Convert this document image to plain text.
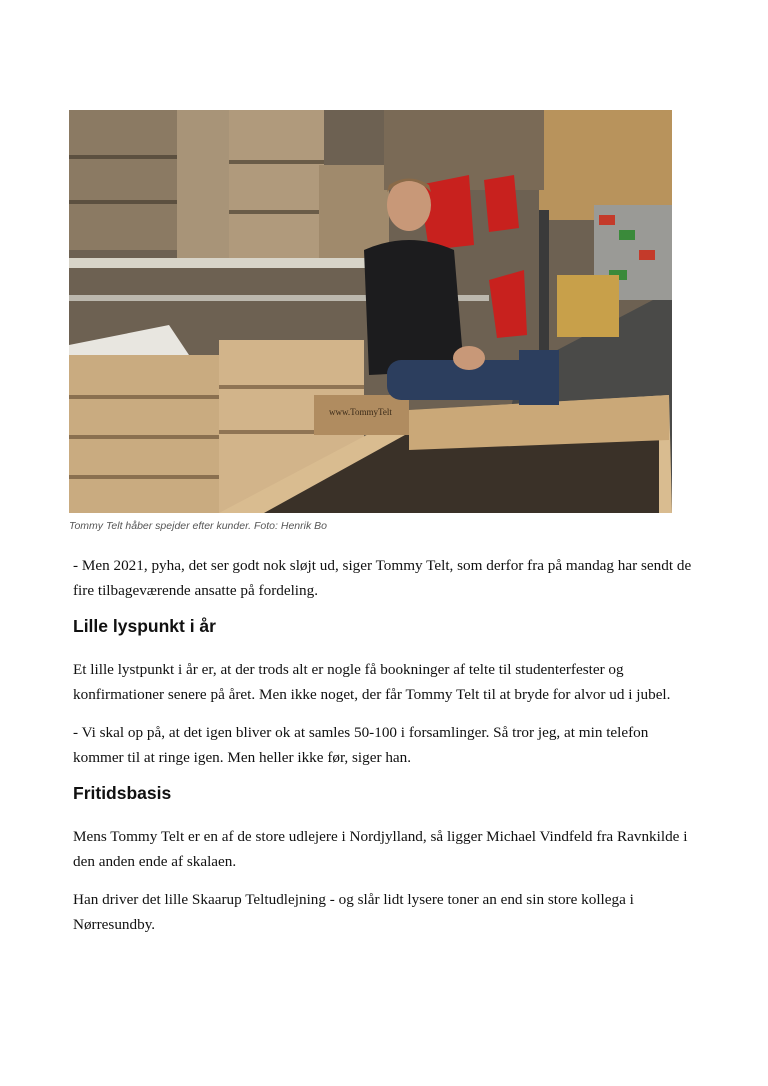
www.TommyTelt
Tommy Telt håber spejder efter kunder. Foto: Henrik Bo

- Men 2021, pyha, det ser godt nok sløjt ud, siger Tommy Telt, som derfor fra på mandag har sendt de fire tilbageværende ansatte på fordeling.

Lille lyspunkt i år

Et lille lystpunkt i år er, at der trods alt er nogle få bookninger af telte til studenterfester og konfirmationer senere på året. Men ikke noget, der får Tommy Telt til at bryde for alvor ud i jubel.

- Vi skal op på, at det igen bliver ok at samles 50-100 i forsamlinger. Så tror jeg, at min telefon kommer til at ringe igen. Men heller ikke før, siger han.

Fritidsbasis

Mens Tommy Telt er en af de store udlejere i Nordjylland, så ligger Michael Vindfeld fra Ravnkilde i den anden ende af skalaen.

Han driver det lille Skaarup Teltudlejning - og slår lidt lysere toner an end sin store kollega i Nørresundby.
